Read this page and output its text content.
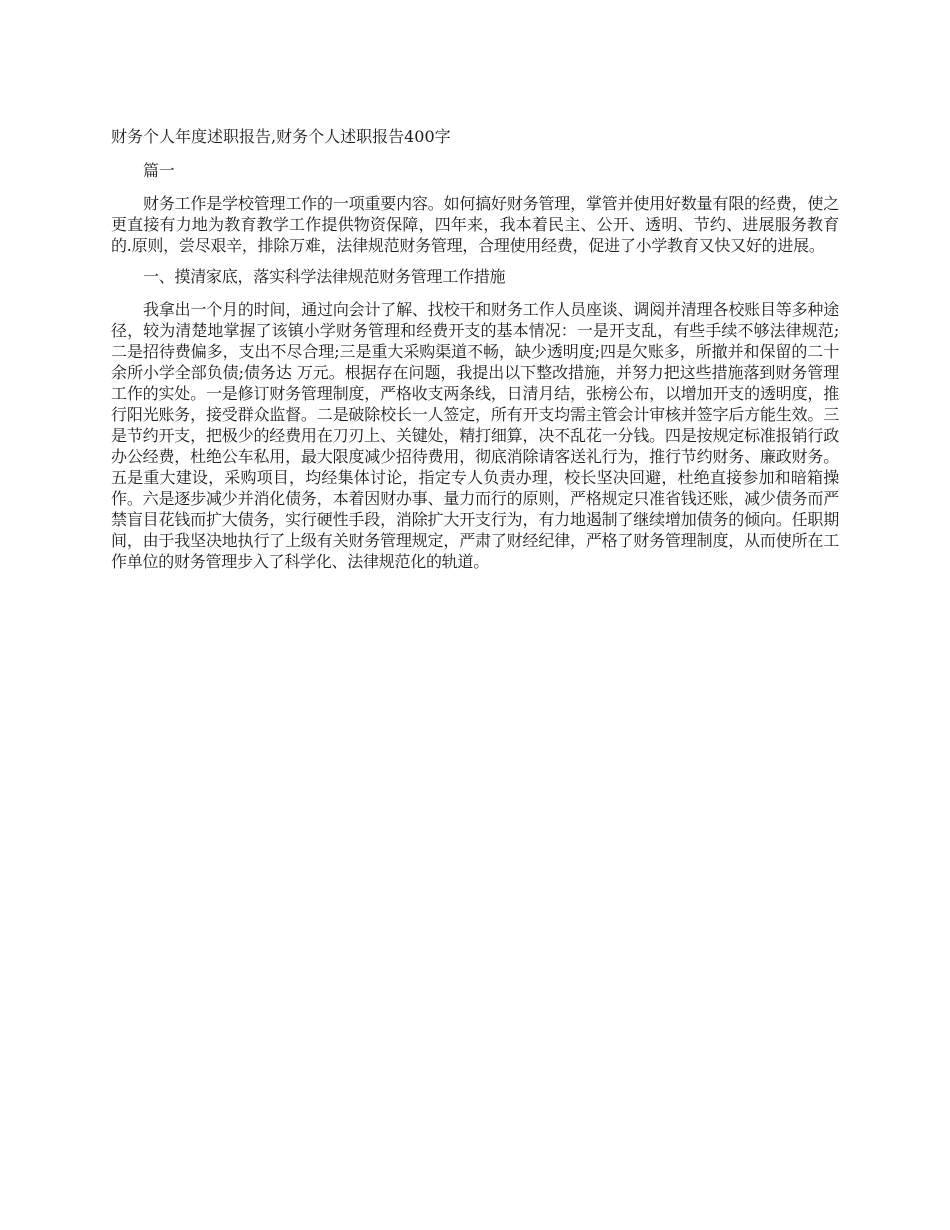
财务个人年度述职报告,财务个人述职报告400字

篇一

财务工作是学校管理工作的一项重要内容。如何搞好财务管理，掌管并使用好数量有限的经费，使之更直接有力地为教育教学工作提供物资保障，四年来，我本着民主、公开、透明、节约、进展服务教育的.原则，尝尽艰辛，排除万难，法律规范财务管理，合理使用经费，促进了小学教育又快又好的进展。

一、摸清家底，落实科学法律规范财务管理工作措施

我拿出一个月的时间，通过向会计了解、找校干和财务工作人员座谈、调阅并清理各校账目等多种途径，较为清楚地掌握了该镇小学财务管理和经费开支的基本情况：一是开支乱，有些手续不够法律规范;二是招待费偏多，支出不尽合理;三是重大采购渠道不畅，缺少透明度;四是欠账多，所撤并和保留的二十余所小学全部负债;债务达 万元。根据存在问题，我提出以下整改措施，并努力把这些措施落到财务管理工作的实处。一是修订财务管理制度，严格收支两条线，日清月结，张榜公布，以增加开支的透明度，推行阳光账务，接受群众监督。二是破除校长一人签定，所有开支均需主管会计审核并签字后方能生效。三是节约开支，把极少的经费用在刀刃上、关键处，精打细算，决不乱花一分钱。四是按规定标准报销行政办公经费，杜绝公车私用，最大限度减少招待费用，彻底消除请客送礼行为，推行节约财务、廉政财务。五是重大建设，采购项目，均经集体讨论，指定专人负责办理，校长坚决回避，杜绝直接参加和暗箱操作。六是逐步减少并消化债务，本着因财办事、量力而行的原则，严格规定只准省钱还账，减少债务而严禁盲目花钱而扩大债务，实行硬性手段，消除扩大开支行为，有力地遏制了继续增加债务的倾向。任职期间，由于我坚决地执行了上级有关财务管理规定，严肃了财经纪律，严格了财务管理制度，从而使所在工作单位的财务管理步入了科学化、法律规范化的轨道。
